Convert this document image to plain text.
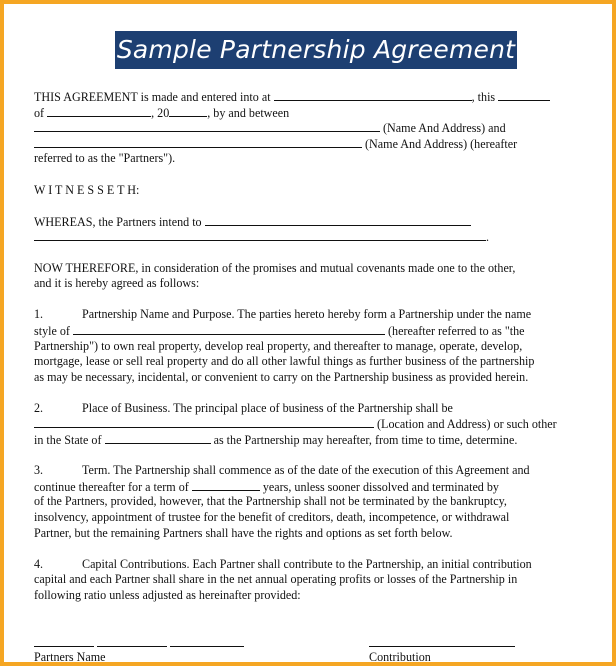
Sample Partnership Agreement
THIS AGREEMENT is made and entered into at	, this
of	, 20	, by and between
(Name And Address) and
(Name And Address) (hereafter
referred to as the "Partners").
W I T N E S S E T H:
WHEREAS, the Partners intend to
.
NOW THEREFORE, in consideration of the promises and mutual covenants made one to the other,
and it is hereby agreed as follows:
1.	Partnership Name and Purpose. The parties hereto hereby form a Partnership under the name
style of	(hereafter referred to as "the
Partnership") to own real property, develop real property, and thereafter to manage, operate, develop,
mortgage, lease or sell real property and do all other lawful things as further business of the partnership
as may be necessary, incidental, or convenient to carry on the Partnership business as provided herein.
2.	Place of Business. The principal place of business of the Partnership shall be
(Location and Address) or such other
in the State of	as the Partnership may hereafter, from time to time, determine.
3.	Term. The Partnership shall commence as of the date of the execution of this Agreement and
continue thereafter for a term of	years, unless sooner dissolved and terminated by
of the Partners, provided, however, that the Partnership shall not be terminated by the bankruptcy,
insolvency, appointment of trustee for the benefit of creditors, death, incompetence, or withdrawal
Partner, but the remaining Partners shall have the rights and options as set forth below.
4.	Capital Contributions. Each Partner shall contribute to the Partnership, an initial contribution
capital and each Partner shall share in the net annual operating profits or losses of the Partnership in
following ratio unless adjusted as hereinafter provided:

Partners Name	Contribution
